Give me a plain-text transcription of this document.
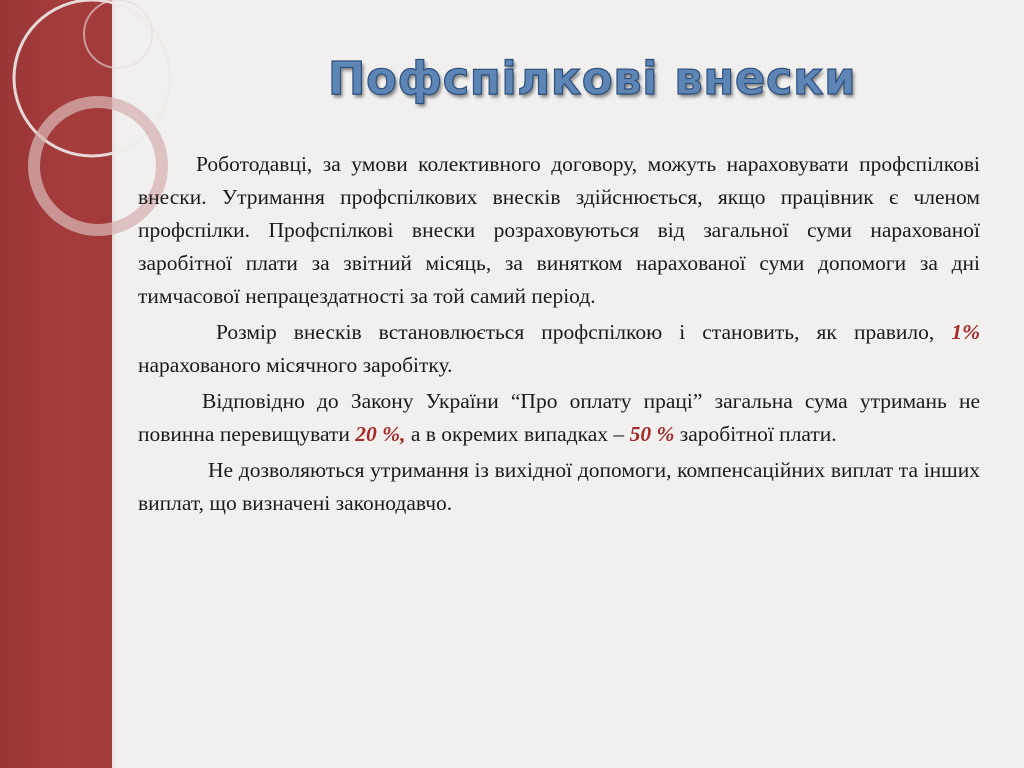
Пофспілкові внески

Роботодавці, за умови колективного договору, можуть нараховувати профспілкові внески. Утримання профспілкових внесків здійснюється, якщо працівник є членом профспілки. Профспілкові внески розраховуються від загальної суми нарахованої заробітної плати за звітний місяць, за винятком нарахованої суми допомоги за дні тимчасової непрацездатності за той самий період.

Розмір внесків встановлюється профспілкою і становить, як правило, 1% нарахованого місячного заробітку.

Відповідно до Закону України “Про оплату праці” загальна сума утримань не повинна перевищувати 20 %, а в окремих випадках – 50 % заробітної плати.

Не дозволяються утримання із вихідної допомоги, компенсаційних виплат та інших виплат, що визначені законодавчо.
